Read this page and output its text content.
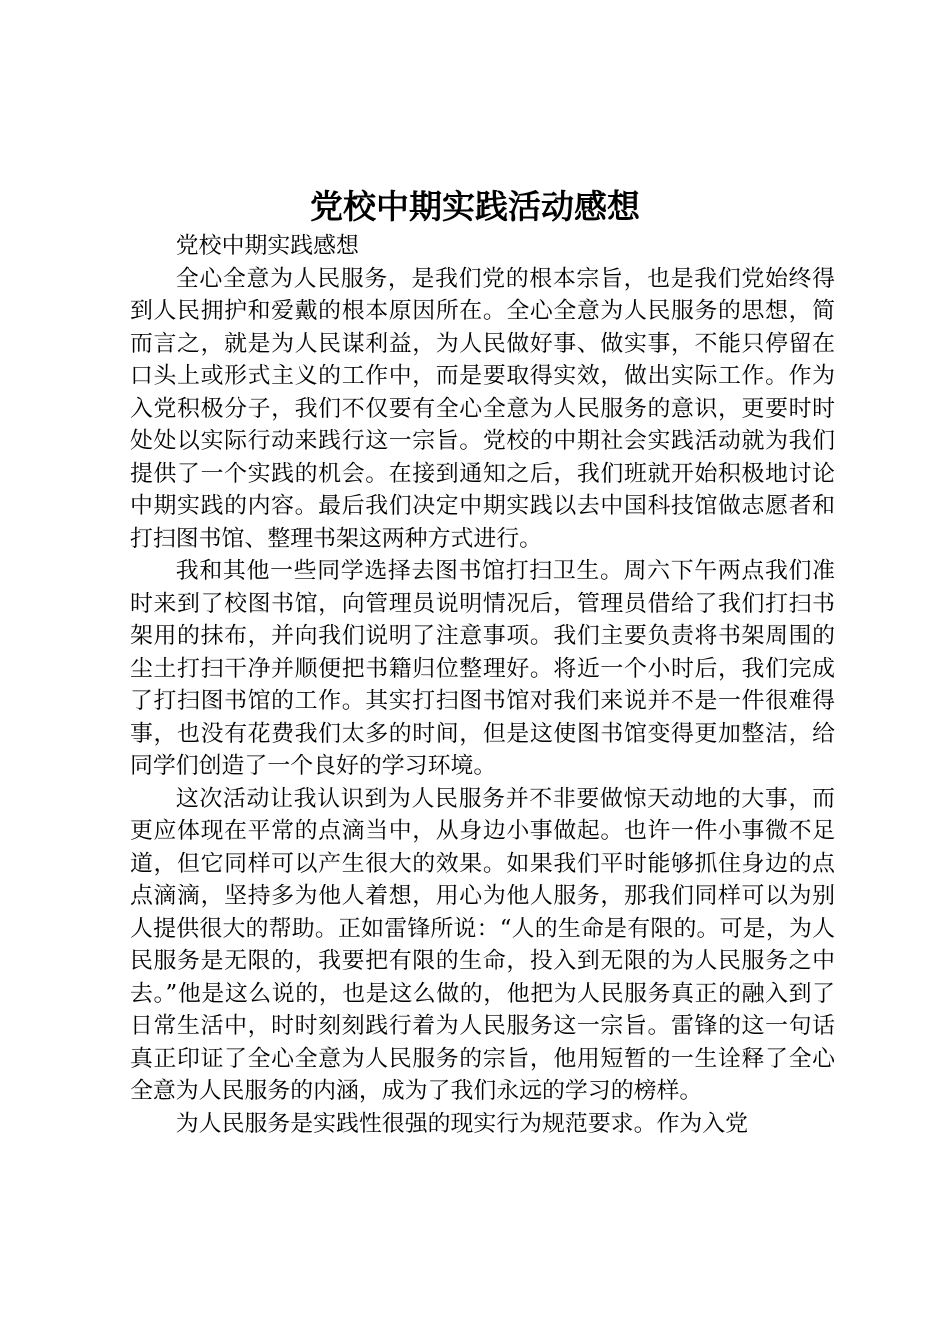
党校中期实践活动感想

党校中期实践感想

全心全意为人民服务，是我们党的根本宗旨，也是我们党始终得到人民拥护和爱戴的根本原因所在。全心全意为人民服务的思想，简而言之，就是为人民谋利益，为人民做好事、做实事，不能只停留在口头上或形式主义的工作中，而是要取得实效，做出实际工作。作为入党积极分子，我们不仅要有全心全意为人民服务的意识，更要时时处处以实际行动来践行这一宗旨。党校的中期社会实践活动就为我们提供了一个实践的机会。在接到通知之后，我们班就开始积极地讨论中期实践的内容。最后我们决定中期实践以去中国科技馆做志愿者和打扫图书馆、整理书架这两种方式进行。

我和其他一些同学选择去图书馆打扫卫生。周六下午两点我们准时来到了校图书馆，向管理员说明情况后，管理员借给了我们打扫书架用的抹布，并向我们说明了注意事项。我们主要负责将书架周围的尘土打扫干净并顺便把书籍归位整理好。将近一个小时后，我们完成了打扫图书馆的工作。其实打扫图书馆对我们来说并不是一件很难得事，也没有花费我们太多的时间，但是这使图书馆变得更加整洁，给同学们创造了一个良好的学习环境。

这次活动让我认识到为人民服务并不非要做惊天动地的大事，而更应体现在平常的点滴当中，从身边小事做起。也许一件小事微不足道，但它同样可以产生很大的效果。如果我们平时能够抓住身边的点点滴滴，坚持多为他人着想，用心为他人服务，那我们同样可以为别人提供很大的帮助。正如雷锋所说：“人的生命是有限的。可是，为人民服务是无限的，我要把有限的生命，投入到无限的为人民服务之中去。”他是这么说的，也是这么做的，他把为人民服务真正的融入到了日常生活中，时时刻刻践行着为人民服务这一宗旨。雷锋的这一句话真正印证了全心全意为人民服务的宗旨，他用短暂的一生诠释了全心全意为人民服务的内涵，成为了我们永远的学习的榜样。

为人民服务是实践性很强的现实行为规范要求。作为入党
